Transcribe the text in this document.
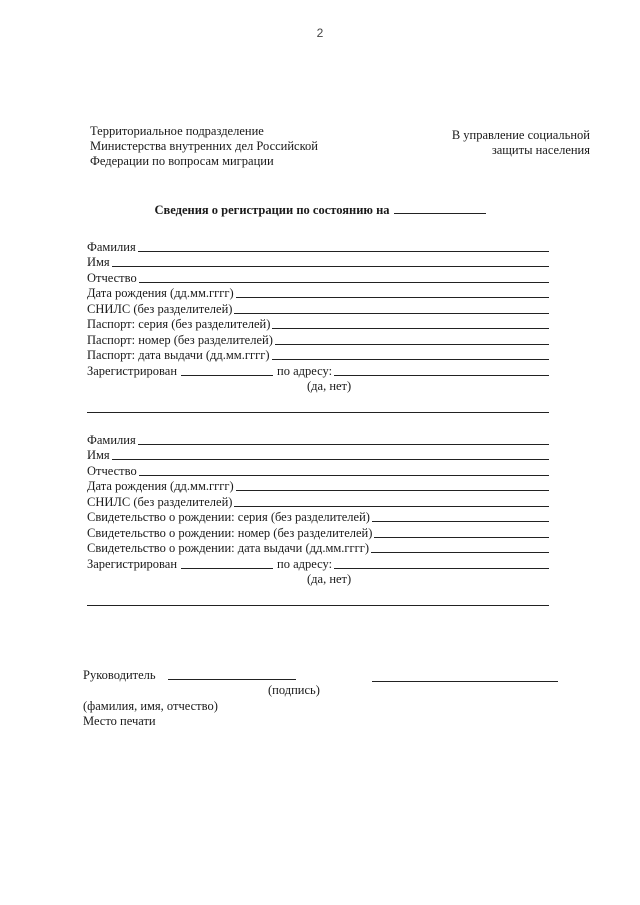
2
Территориальное подразделение
Министерства внутренних дел Российской
Федерации по вопросам миграции
В управление социальной
защиты населения
Сведения о регистрации по состоянию на
Фамилия
Имя
Отчество
Дата рождения (дд.мм.гггг)
СНИЛС (без разделителей)
Паспорт: серия (без разделителей)
Паспорт: номер (без разделителей)
Паспорт: дата выдачи (дд.мм.гггг)
Зарегистрирован	по адресу:
(да, нет)
Фамилия
Имя
Отчество
Дата рождения (дд.мм.гггг)
СНИЛС (без разделителей)
Свидетельство о рождении: серия (без разделителей)
Свидетельство о рождении: номер (без разделителей)
Свидетельство о рождении: дата выдачи (дд.мм.гггг)
Зарегистрирован	по адресу:
(да, нет)
Руководитель
(подпись)
(фамилия, имя, отчество)
Место печати
